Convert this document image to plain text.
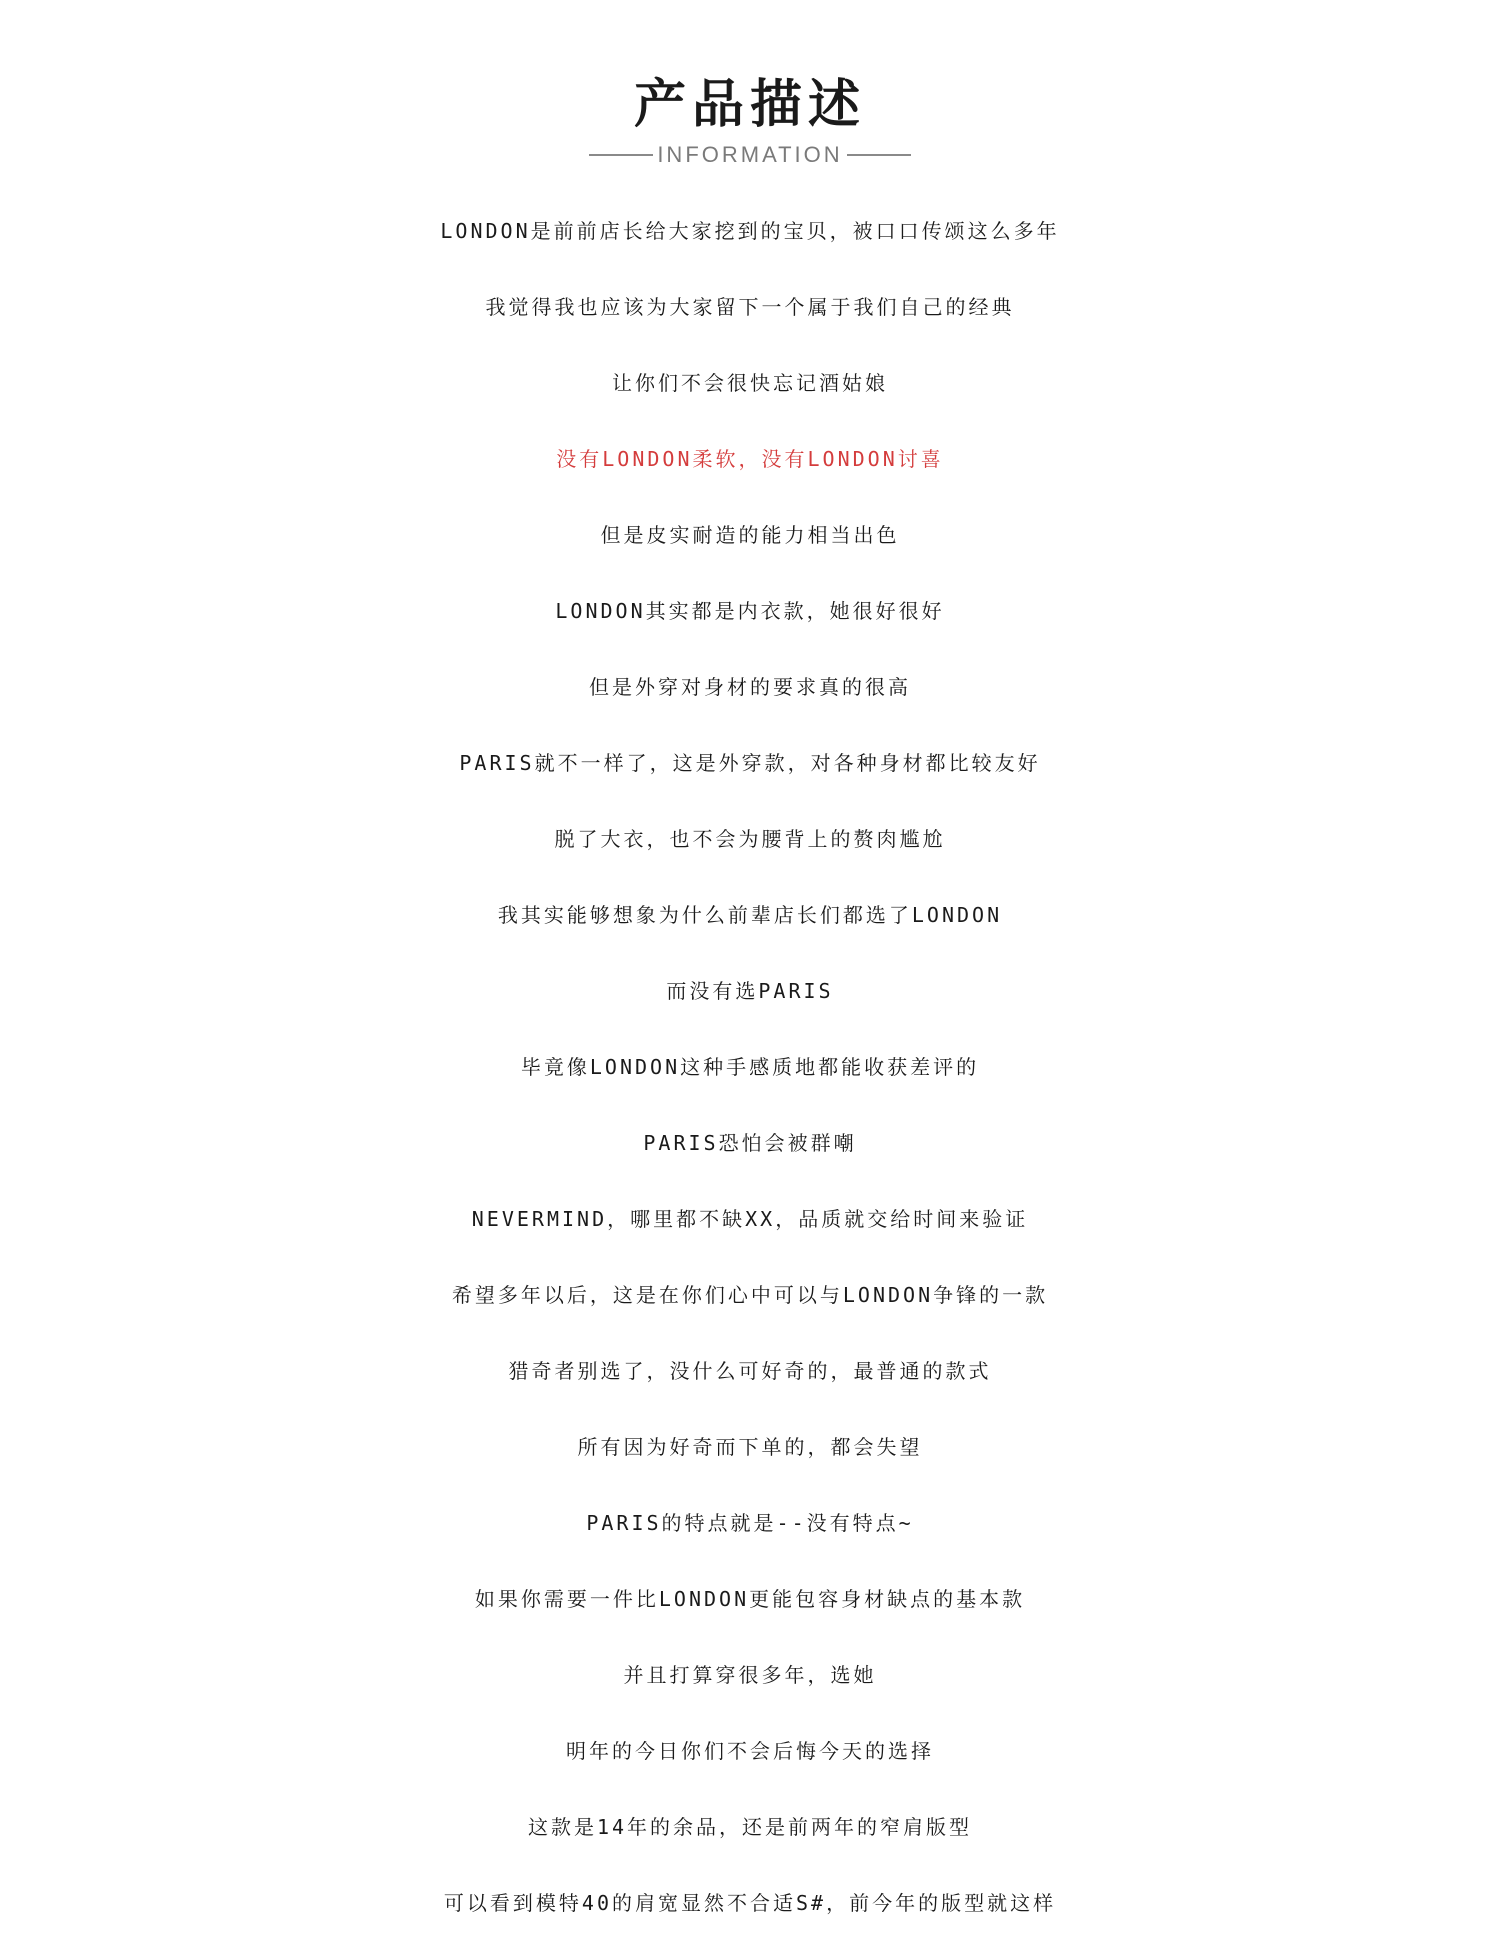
产品描述
INFORMATION
LONDON是前前店长给大家挖到的宝贝，被口口传颂这么多年
我觉得我也应该为大家留下一个属于我们自己的经典
让你们不会很快忘记酒姑娘
没有LONDON柔软，没有LONDON讨喜
但是皮实耐造的能力相当出色
LONDON其实都是内衣款，她很好很好
但是外穿对身材的要求真的很高
PARIS就不一样了，这是外穿款，对各种身材都比较友好
脱了大衣，也不会为腰背上的赘肉尴尬
我其实能够想象为什么前辈店长们都选了LONDON
而没有选PARIS
毕竟像LONDON这种手感质地都能收获差评的
PARIS恐怕会被群嘲
NEVERMIND，哪里都不缺XX，品质就交给时间来验证
希望多年以后，这是在你们心中可以与LONDON争锋的一款
猎奇者别选了，没什么可好奇的，最普通的款式
所有因为好奇而下单的，都会失望
PARIS的特点就是--没有特点~
如果你需要一件比LONDON更能包容身材缺点的基本款
并且打算穿很多年，选她
明年的今日你们不会后悔今天的选择
这款是14年的余品，还是前两年的窄肩版型
可以看到模特40的肩宽显然不合适S#，前今年的版型就这样
